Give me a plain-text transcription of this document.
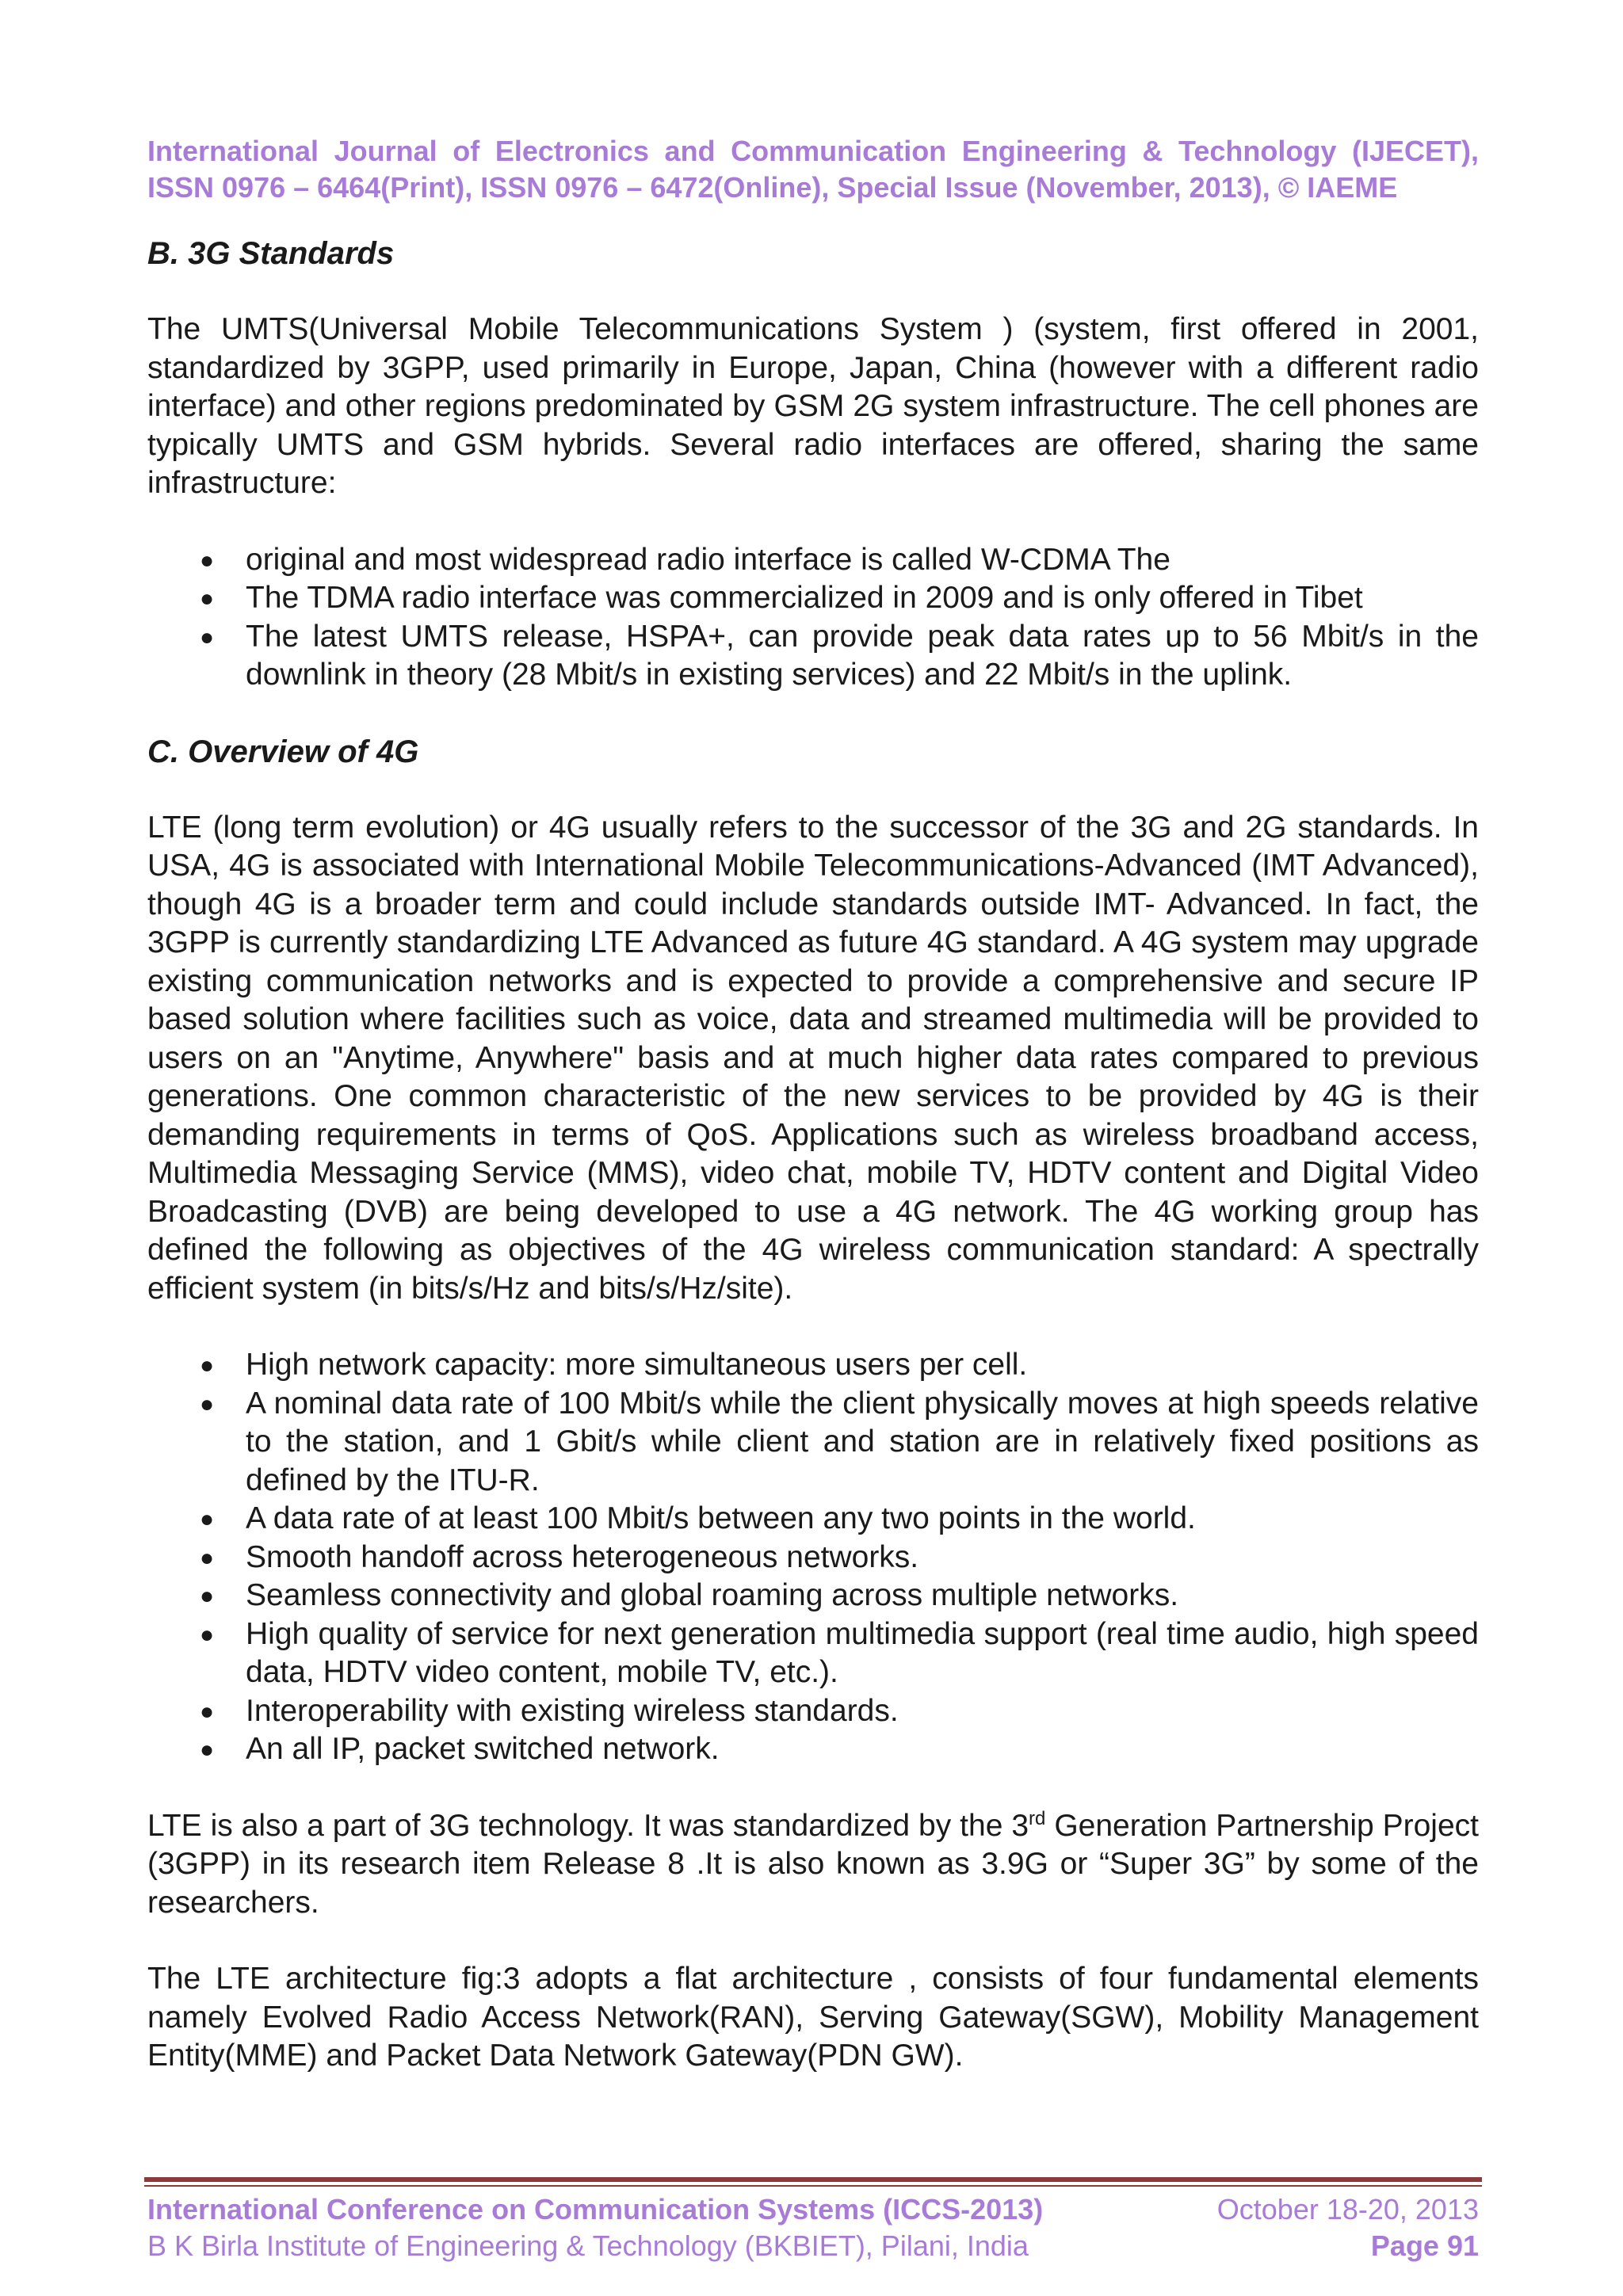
International Journal of Electronics and Communication Engineering & Technology (IJECET),
ISSN 0976 – 6464(Print), ISSN 0976 – 6472(Online), Special Issue (November, 2013), © IAEME
B. 3G Standards

The UMTS(Universal Mobile Telecommunications System ) (system, first offered in 2001, standardized by 3GPP, used primarily in Europe, Japan, China (however with a different radio interface) and other regions predominated by GSM 2G system infrastructure. The cell phones are typically UMTS and GSM hybrids. Several radio interfaces are offered, sharing the same infrastructure:

● original and most widespread radio interface is called W-CDMA The
● The TDMA radio interface was commercialized in 2009 and is only offered in Tibet
● The latest UMTS release, HSPA+, can provide peak data rates up to 56 Mbit/s in the downlink in theory (28 Mbit/s in existing services) and 22 Mbit/s in the uplink.
C. Overview of 4G

LTE (long term evolution) or 4G usually refers to the successor of the 3G and 2G standards. In USA, 4G is associated with International Mobile Telecommunications-Advanced (IMT Advanced), though 4G is a broader term and could include standards outside IMT- Advanced. In fact, the 3GPP is currently standardizing LTE Advanced as future 4G standard. A 4G system may upgrade existing communication networks and is expected to provide a comprehensive and secure IP based solution where facilities such as voice, data and streamed multimedia will be provided to users on an "Anytime, Anywhere" basis and at much higher data rates compared to previous generations. One common characteristic of the new services to be provided by 4G is their demanding requirements in terms of QoS. Applications such as wireless broadband access, Multimedia Messaging Service (MMS), video chat, mobile TV, HDTV content and Digital Video Broadcasting (DVB) are being developed to use a 4G network. The 4G working group has defined the following as objectives of the 4G wireless communication standard: A spectrally efficient system (in bits/s/Hz and bits/s/Hz/site).

● High network capacity: more simultaneous users per cell.
● A nominal data rate of 100 Mbit/s while the client physically moves at high speeds relative to the station, and 1 Gbit/s while client and station are in relatively fixed positions as defined by the ITU-R.
● A data rate of at least 100 Mbit/s between any two points in the world.
● Smooth handoff across heterogeneous networks.
● Seamless connectivity and global roaming across multiple networks.
● High quality of service for next generation multimedia support (real time audio, high speed data, HDTV video content, mobile TV, etc.).
● Interoperability with existing wireless standards.
● An all IP, packet switched network.

LTE is also a part of 3G technology. It was standardized by the 3rd Generation Partnership Project (3GPP) in its research item Release 8 .It is also known as 3.9G or “Super 3G” by some of the researchers.

The LTE architecture fig:3 adopts a flat architecture , consists of four fundamental elements namely Evolved Radio Access Network(RAN), Serving Gateway(SGW), Mobility Management Entity(MME) and Packet Data Network Gateway(PDN GW).

International Conference on Communication Systems (ICCS-2013)	October 18-20, 2013
B K Birla Institute of Engineering & Technology (BKBIET), Pilani, India	Page 91
